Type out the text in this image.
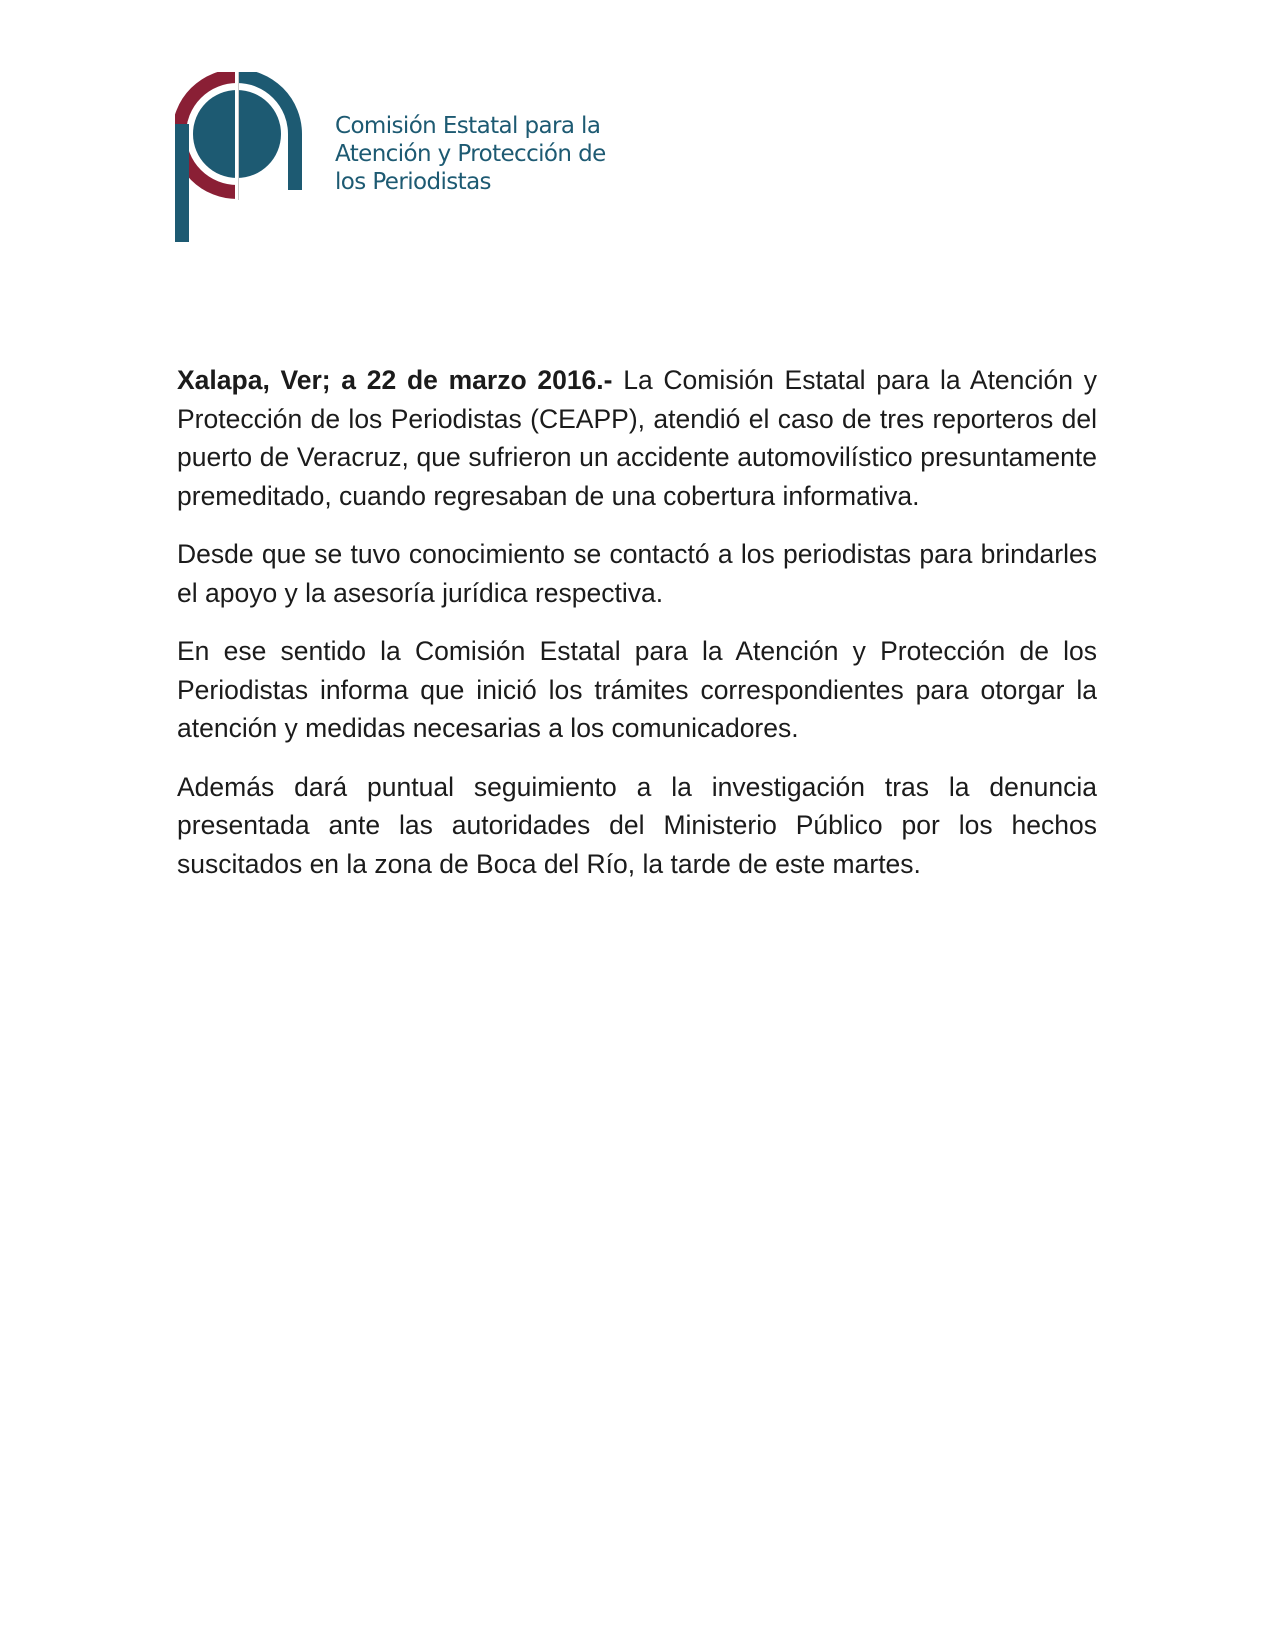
Comisión Estatal para la
Atención y Protección de
los Periodistas

Xalapa, Ver; a 22 de marzo 2016.- La Comisión Estatal para la Atención y Protección de los Periodistas (CEAPP), atendió el caso de tres reporteros del puerto de Veracruz, que sufrieron un accidente automovilístico presuntamente premeditado, cuando regresaban de una cobertura informativa.

Desde que se tuvo conocimiento se contactó a los periodistas para brindarles el apoyo y la asesoría jurídica respectiva.

En ese sentido la Comisión Estatal para la Atención y Protección de los Periodistas informa que inició los trámites correspondientes para otorgar la atención y medidas necesarias a los comunicadores.

Además dará puntual seguimiento a la investigación tras la denuncia presentada ante las autoridades del Ministerio Público por los hechos suscitados en la zona de Boca del Río, la tarde de este martes.
